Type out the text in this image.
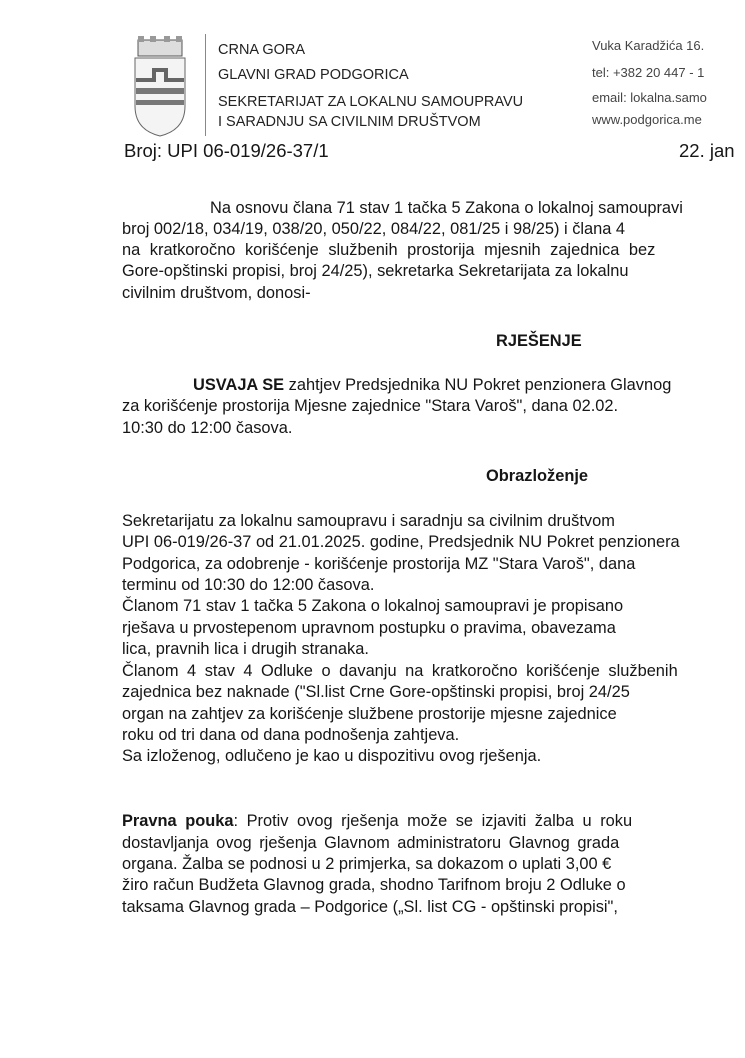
CRNA GORA
GLAVNI GRAD PODGORICA
SEKRETARIJAT ZA LOKALNU SAMOUPRAVU
I SARADNJU SA CIVILNIM DRUŠTVOM
Vuka Karadžića 16.
tel: +382 20 447 - 1
email: lokalna.samo
www.podgorica.me
Broj: UPI 06-019/26-37/1	22. jan
Na osnovu člana 71 stav 1 tačka 5 Zakona o lokalnoj samoupravi
broj 002/18, 034/19, 038/20, 050/22, 084/22, 081/25 i 98/25) i člana 4
na kratkoročno korišćenje službenih prostorija mjesnih zajednica bez
Gore-opštinski propisi, broj 24/25), sekretarka Sekretarijata za lokalnu
civilnim društvom, donosi-
RJEŠENJE
USVAJA SE zahtjev Predsjednika NU Pokret penzionera Glavnog
za korišćenje prostorija Mjesne zajednice "Stara Varoš", dana 02.02.
10:30 do 12:00 časova.
Obrazloženje
Sekretarijatu za lokalnu samoupravu i saradnju sa civilnim društvom
UPI 06-019/26-37 od 21.01.2025. godine, Predsjednik NU Pokret penzionera
Podgorica, za odobrenje - korišćenje prostorija MZ "Stara Varoš", dana
terminu od 10:30 do 12:00 časova.
Članom 71 stav 1 tačka 5 Zakona o lokalnoj samoupravi je propisano
rješava u prvostepenom upravnom postupku o pravima, obavezama
lica, pravnih lica i drugih stranaka.
Članom 4 stav 4 Odluke o davanju na kratkoročno korišćenje službenih
zajednica bez naknade ("Sl.list Crne Gore-opštinski propisi, broj 24/25
organ na zahtjev za korišćenje službene prostorije mjesne zajednice
roku od tri dana od dana podnošenja zahtjeva.
Sa izloženog, odlučeno je kao u dispozitivu ovog rješenja.
Pravna pouka: Protiv ovog rješenja može se izjaviti žalba u roku
dostavljanja ovog rješenja Glavnom administratoru Glavnog grada
organa. Žalba se podnosi u 2 primjerka, sa dokazom o uplati 3,00 €
žiro račun Budžeta Glavnog grada, shodno Tarifnom broju 2 Odluke o
taksama Glavnog grada – Podgorice („Sl. list CG - opštinski propisi",
